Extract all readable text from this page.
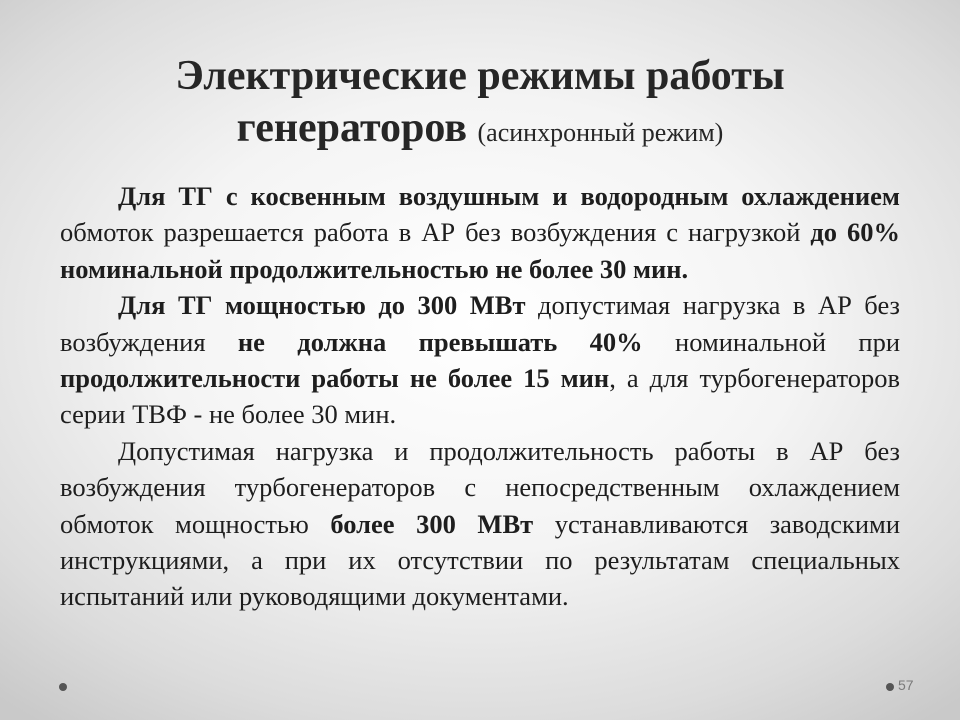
Электрические режимы работы
генераторов (асинхронный режим)

Для ТГ с косвенным воздушным и водородным охлаждением обмоток разрешается работа в АР без возбуждения с нагрузкой до 60% номинальной продолжительностью не более 30 мин.

Для ТГ мощностью до 300 МВт допустимая нагрузка в АР без возбуждения не должна превышать 40% номинальной при продолжительности работы не более 15 мин, а для турбогенераторов серии ТВФ - не более 30 мин.

Допустимая нагрузка и продолжительность работы в АР без возбуждения турбогенераторов с непосредственным охлаждением обмоток мощностью более 300 МВт устанавливаются заводскими инструкциями, а при их отсутствии по результатам специальных испытаний или руководящими документами.

57
